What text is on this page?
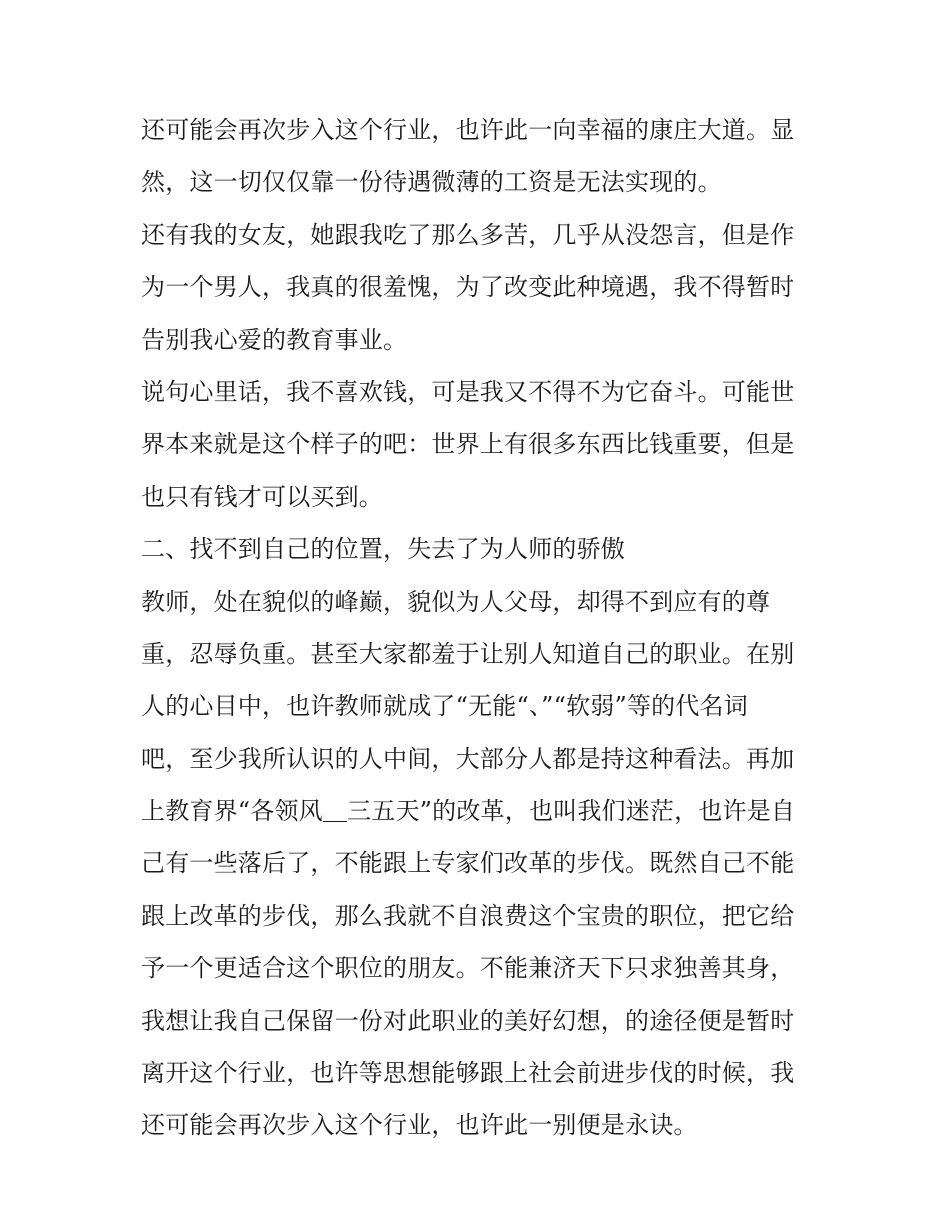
还可能会再次步入这个行业，也许此一向幸福的康庄大道。显
然，这一切仅仅靠一份待遇微薄的工资是无法实现的。
还有我的女友，她跟我吃了那么多苦，几乎从没怨言，但是作
为一个男人，我真的很羞愧，为了改变此种境遇，我不得暂时
告别我心爱的教育事业。
说句心里话，我不喜欢钱，可是我又不得不为它奋斗。可能世
界本来就是这个样子的吧：世界上有很多东西比钱重要，但是
也只有钱才可以买到。
二、找不到自己的位置，失去了为人师的骄傲
教师，处在貌似的峰巅，貌似为人父母，却得不到应有的尊
重，忍辱负重。甚至大家都羞于让别人知道自己的职业。在别
人的心目中，也许教师就成了“无能“、”“软弱”等的代名词
吧，至少我所认识的人中间，大部分人都是持这种看法。再加
上教育界“各领风＿三五天”的改革，也叫我们迷茫，也许是自
己有一些落后了，不能跟上专家们改革的步伐。既然自己不能
跟上改革的步伐，那么我就不自浪费这个宝贵的职位，把它给
予一个更适合这个职位的朋友。不能兼济天下只求独善其身，
我想让我自己保留一份对此职业的美好幻想，的途径便是暂时
离开这个行业，也许等思想能够跟上社会前进步伐的时候，我
还可能会再次步入这个行业，也许此一别便是永诀。
